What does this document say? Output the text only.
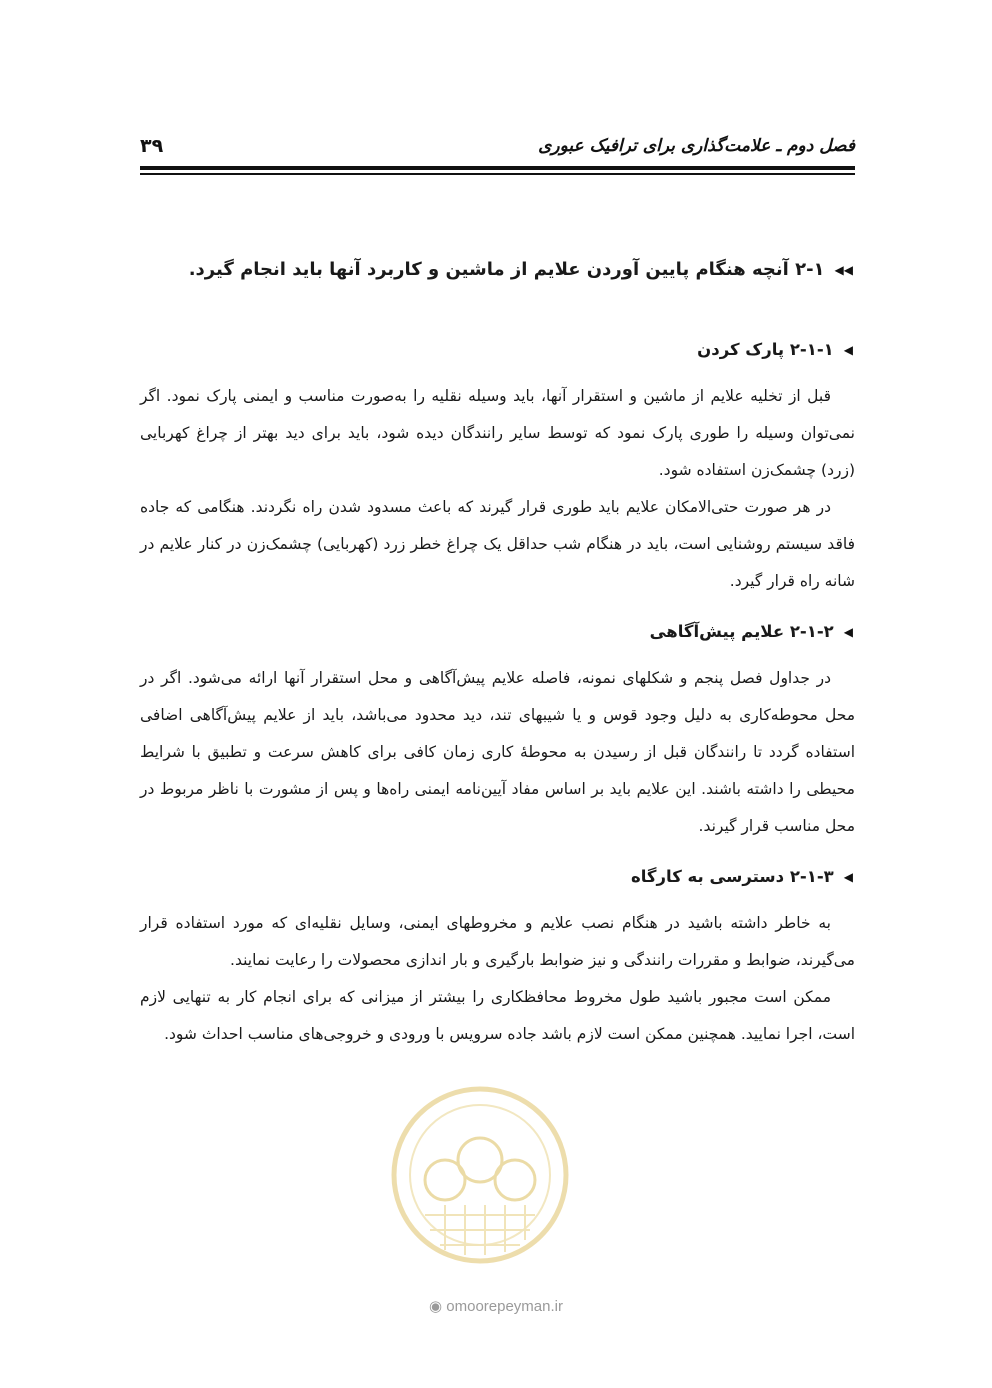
فصل دوم ـ علامت‌گذاری برای ترافیک عبوری
۳۹
◀◀
۲-۱ آنچه هنگام پایین آوردن علایم از ماشین و کاربرد آنها باید انجام گیرد.
◀
۲-۱-۱ پارک کردن

قبل از تخلیه علایم از ماشین و استقرار آنها، باید وسیله نقلیه را به‌صورت مناسب و ایمنی پارک نمود. اگر نمی‌توان وسیله را طوری پارک نمود که توسط سایر رانندگان دیده شود، باید برای دید بهتر از چراغ کهربایی (زرد) چشمک‌زن استفاده شود.

در هر صورت حتی‌الامکان علایم باید طوری قرار گیرند که باعث مسدود شدن راه نگردند. هنگامی که جاده فاقد سیستم روشنایی است، باید در هنگام شب حداقل یک چراغ خطر زرد (کهربایی) چشمک‌زن در کنار علایم در شانه راه قرار گیرد.

◀
۲-۱-۲ علایم پیش‌آگاهی

در جداول فصل پنجم و شکلهای نمونه، فاصله علایم پیش‌آگاهی و محل استقرار آنها ارائه می‌شود. اگر در محل محوطه‌کاری به دلیل وجود قوس و یا شیبهای تند، دید محدود می‌باشد، باید از علایم پیش‌آگاهی اضافی استفاده گردد تا رانندگان قبل از رسیدن به محوطهٔ کاری زمان کافی برای کاهش سرعت و تطبیق با شرایط محیطی را داشته باشند. این علایم باید بر اساس مفاد آیین‌نامه ایمنی راه‌ها و پس از مشورت با ناظر مربوط در محل مناسب قرار گیرند.

◀
۲-۱-۳ دسترسی به کارگاه

به خاطر داشته باشید در هنگام نصب علایم و مخروطهای ایمنی، وسایل نقلیه‌ای که مورد استفاده قرار می‌گیرند، ضوابط و مقررات رانندگی و نیز ضوابط بارگیری و بار اندازی محصولات را رعایت نمایند.

ممکن است مجبور باشید طول مخروط محافظکاری را بیشتر از میزانی که برای انجام کار به تنهایی لازم است، اجرا نمایید. همچنین ممکن است لازم باشد جاده سرویس با ورودی و خروجی‌های مناسب احداث شود.

◉ omoorepeyman.ir
